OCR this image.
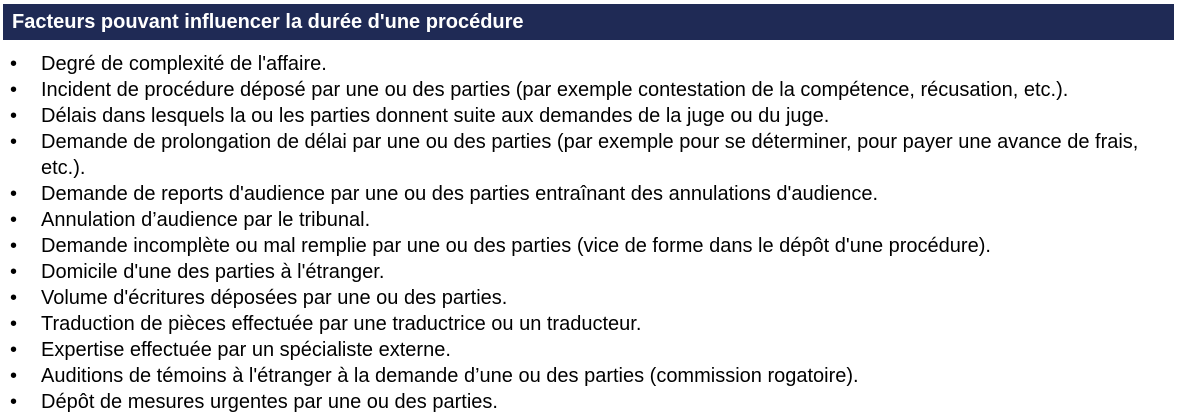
Facteurs pouvant influencer la durée d'une procédure
• Degré de complexité de l'affaire.
• Incident de procédure déposé par une ou des parties (par exemple contestation de la compétence, récusation, etc.).
• Délais dans lesquels la ou les parties donnent suite aux demandes de la juge ou du juge.
• Demande de prolongation de délai par une ou des parties (par exemple pour se déterminer, pour payer une avance de frais, etc.).
• Demande de reports d'audience par une ou des parties entraînant des annulations d'audience.
• Annulation d’audience par le tribunal.
• Demande incomplète ou mal remplie par une ou des parties (vice de forme dans le dépôt d'une procédure).
• Domicile d'une des parties à l'étranger.
• Volume d'écritures déposées par une ou des parties.
• Traduction de pièces effectuée par une traductrice ou un traducteur.
• Expertise effectuée par un spécialiste externe.
• Auditions de témoins à l'étranger à la demande d’une ou des parties (commission rogatoire).
• Dépôt de mesures urgentes par une ou des parties.
